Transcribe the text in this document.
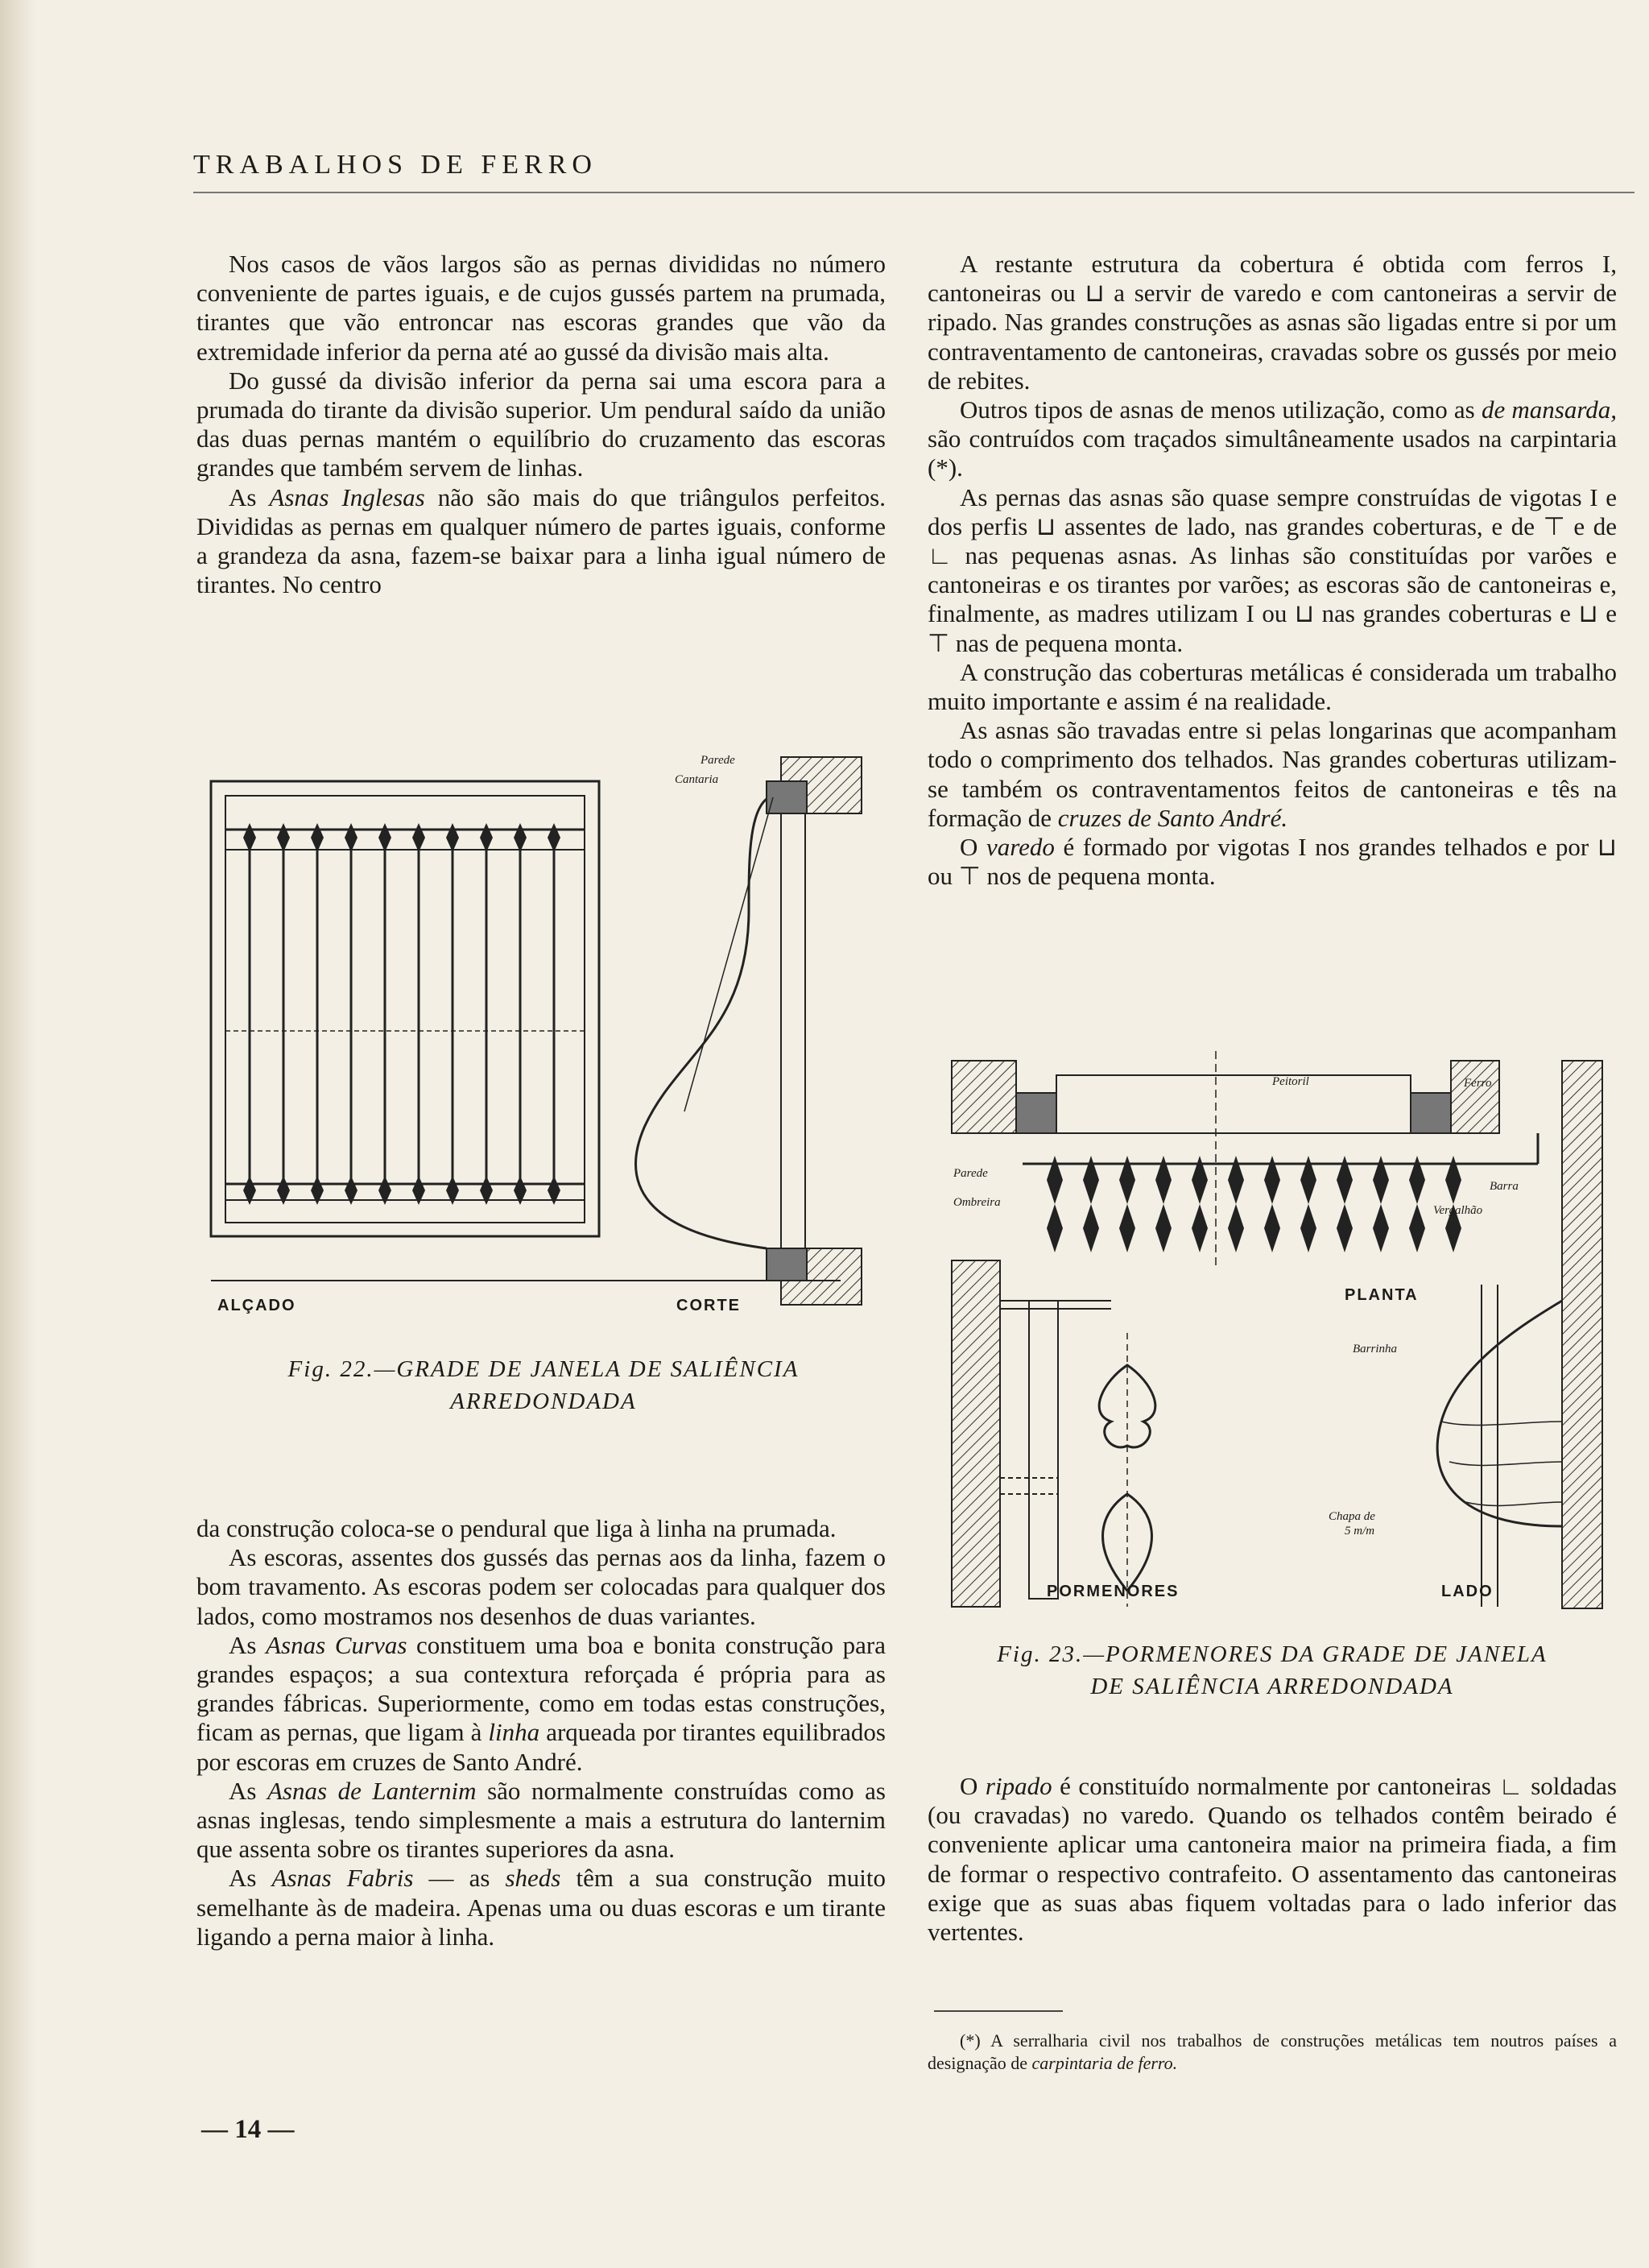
TRABALHOS DE FERRO

Nos casos de vãos largos são as pernas divididas no número conveniente de partes iguais, e de cujos gussés partem na prumada, tirantes que vão entroncar nas escoras grandes que vão da extremidade inferior da perna até ao gussé da divisão mais alta.

Do gussé da divisão inferior da perna sai uma escora para a prumada do tirante da divisão superior. Um pendural saído da união das duas pernas mantém o equilíbrio do cruzamento das escoras grandes que também servem de linhas.

As Asnas Inglesas não são mais do que triângulos perfeitos. Divididas as pernas em qualquer número de partes iguais, conforme a grandeza da asna, fazem-se baixar para a linha igual número de tirantes. No centro

A restante estrutura da cobertura é obtida com ferros I, cantoneiras ou ⊔ a servir de varedo e com cantoneiras a servir de ripado. Nas grandes construções as asnas são ligadas entre si por um contraventamento de cantoneiras, cravadas sobre os gussés por meio de rebites.

Outros tipos de asnas de menos utilização, como as de mansarda, são contruídos com traçados simultâneamente usados na carpintaria (*).

As pernas das asnas são quase sempre construídas de vigotas I e dos perfis ⊔ assentes de lado, nas grandes coberturas, e de ⊤ e de ∟ nas pequenas asnas. As linhas são constituídas por varões e cantoneiras e os tirantes por varões; as escoras são de cantoneiras e, finalmente, as madres utilizam I ou ⊔ nas grandes coberturas e ⊔ e ⊤ nas de pequena monta.

A construção das coberturas metálicas é considerada um trabalho muito importante e assim é na realidade.

As asnas são travadas entre si pelas longarinas que acompanham todo o comprimento dos telhados. Nas grandes coberturas utilizam-se também os contraventamentos feitos de cantoneiras e tês na formação de cruzes de Santo André.

O varedo é formado por vigotas I nos grandes telhados e por ⊔ ou ⊤ nos de pequena monta.

ALÇADO	CORTE
Parede
Cantaria
Fig. 22.—GRADE DE JANELA DE SALIÊNCIA
ARREDONDADA
Peitoril	Ferro
Parede
Ombreira
Barra
Vergalhão
PLANTA
Barrinha
Chapa de
5 m/m
PORMENORES	LADO
Fig. 23.—PORMENORES DA GRADE DE JANELA
DE SALIÊNCIA ARREDONDADA

da construção coloca-se o pendural que liga à linha na prumada.

As escoras, assentes dos gussés das pernas aos da linha, fazem o bom travamento. As escoras podem ser colocadas para qualquer dos lados, como mostramos nos desenhos de duas variantes.

As Asnas Curvas constituem uma boa e bonita construção para grandes espaços; a sua contextura reforçada é própria para as grandes fábricas. Superiormente, como em todas estas construções, ficam as pernas, que ligam à linha arqueada por tirantes equilibrados por escoras em cruzes de Santo André.

As Asnas de Lanternim são normalmente construídas como as asnas inglesas, tendo simplesmente a mais a estrutura do lanternim que assenta sobre os tirantes superiores da asna.

As Asnas Fabris — as sheds têm a sua construção muito semelhante às de madeira. Apenas uma ou duas escoras e um tirante ligando a perna maior à linha.

O ripado é constituído normalmente por cantoneiras ∟ soldadas (ou cravadas) no varedo. Quando os telhados contêm beirado é conveniente aplicar uma cantoneira maior na primeira fiada, a fim de formar o respectivo contrafeito. O assentamento das cantoneiras exige que as suas abas fiquem voltadas para o lado inferior das vertentes.

(*) A serralharia civil nos trabalhos de construções metálicas tem noutros países a designação de carpintaria de ferro.
— 14 —
